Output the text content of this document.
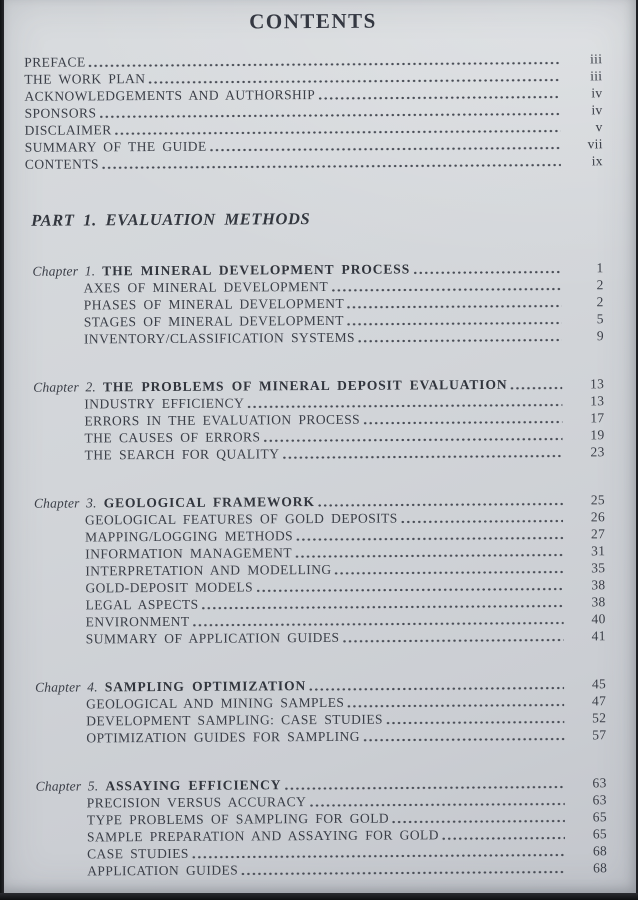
CONTENTS
PREFACE	iii
THE WORK PLAN	iii
ACKNOWLEDGEMENTS AND AUTHORSHIP	iv
SPONSORS	iv
DISCLAIMER	v
SUMMARY OF THE GUIDE	vii
CONTENTS	ix
PART 1. EVALUATION METHODS
Chapter 1. THE MINERAL DEVELOPMENT PROCESS	1
AXES OF MINERAL DEVELOPMENT	2
PHASES OF MINERAL DEVELOPMENT	2
STAGES OF MINERAL DEVELOPMENT	5
INVENTORY/CLASSIFICATION SYSTEMS	9
Chapter 2. THE PROBLEMS OF MINERAL DEPOSIT EVALUATION	13
INDUSTRY EFFICIENCY	13
ERRORS IN THE EVALUATION PROCESS	17
THE CAUSES OF ERRORS	19
THE SEARCH FOR QUALITY	23
Chapter 3. GEOLOGICAL FRAMEWORK	25
GEOLOGICAL FEATURES OF GOLD DEPOSITS	26
MAPPING/LOGGING METHODS	27
INFORMATION MANAGEMENT	31
INTERPRETATION AND MODELLING	35
GOLD-DEPOSIT MODELS	38
LEGAL ASPECTS	38
ENVIRONMENT	40
SUMMARY OF APPLICATION GUIDES	41
Chapter 4. SAMPLING OPTIMIZATION	45
GEOLOGICAL AND MINING SAMPLES	47
DEVELOPMENT SAMPLING: CASE STUDIES	52
OPTIMIZATION GUIDES FOR SAMPLING	57
Chapter 5. ASSAYING EFFICIENCY	63
PRECISION VERSUS ACCURACY	63
TYPE PROBLEMS OF SAMPLING FOR GOLD	65
SAMPLE PREPARATION AND ASSAYING FOR GOLD	65
CASE STUDIES	68
APPLICATION GUIDES	68
